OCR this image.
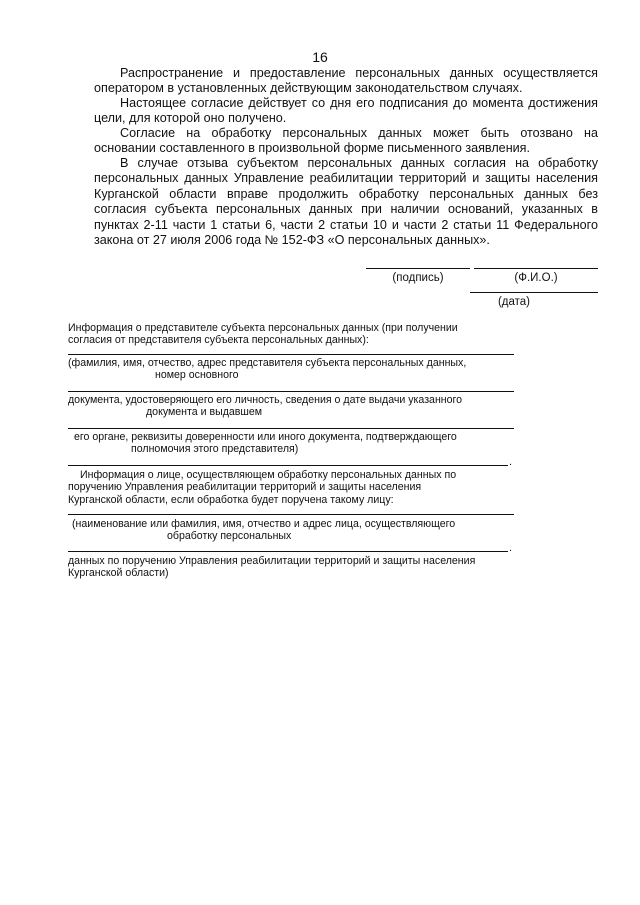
16
Распространение и предоставление персональных данных осуществляется оператором в установленных действующим законодательством случаях.
Настоящее согласие действует со дня его подписания до момента достижения цели, для которой оно получено.
Согласие на обработку персональных данных может быть отозвано на основании составленного в произвольной форме письменного заявления.
В случае отзыва субъектом персональных данных согласия на обработку персональных данных Управление реабилитации территорий и защиты населения Курганской области вправе продолжить обработку персональных данных без согласия субъекта персональных данных при наличии оснований, указанных в пунктах 2-11 части 1 статьи 6, части 2 статьи 10 и части 2 статьи 11 Федерального закона от 27 июля 2006 года № 152-ФЗ «О персональных данных».
(подпись)	(Ф.И.О.)
(дата)
Информация о представителе субъекта персональных данных (при получении согласия от представителя субъекта персональных данных):
(фамилия, имя, отчество, адрес представителя субъекта персональных данных,
номер основного
документа, удостоверяющего его личность, сведения о дате выдачи указанного
документа и выдавшем
его органе, реквизиты доверенности или иного документа, подтверждающего
полномочия этого представителя)
.
Информация о лице, осуществляющем обработку персональных данных по поручению Управления реабилитации территорий и защиты населения Курганской области, если обработка будет поручена такому лицу:
(наименование или фамилия, имя, отчество и адрес лица, осуществляющего
обработку персональных
.
данных по поручению Управления реабилитации территорий и защиты населения Курганской области)
